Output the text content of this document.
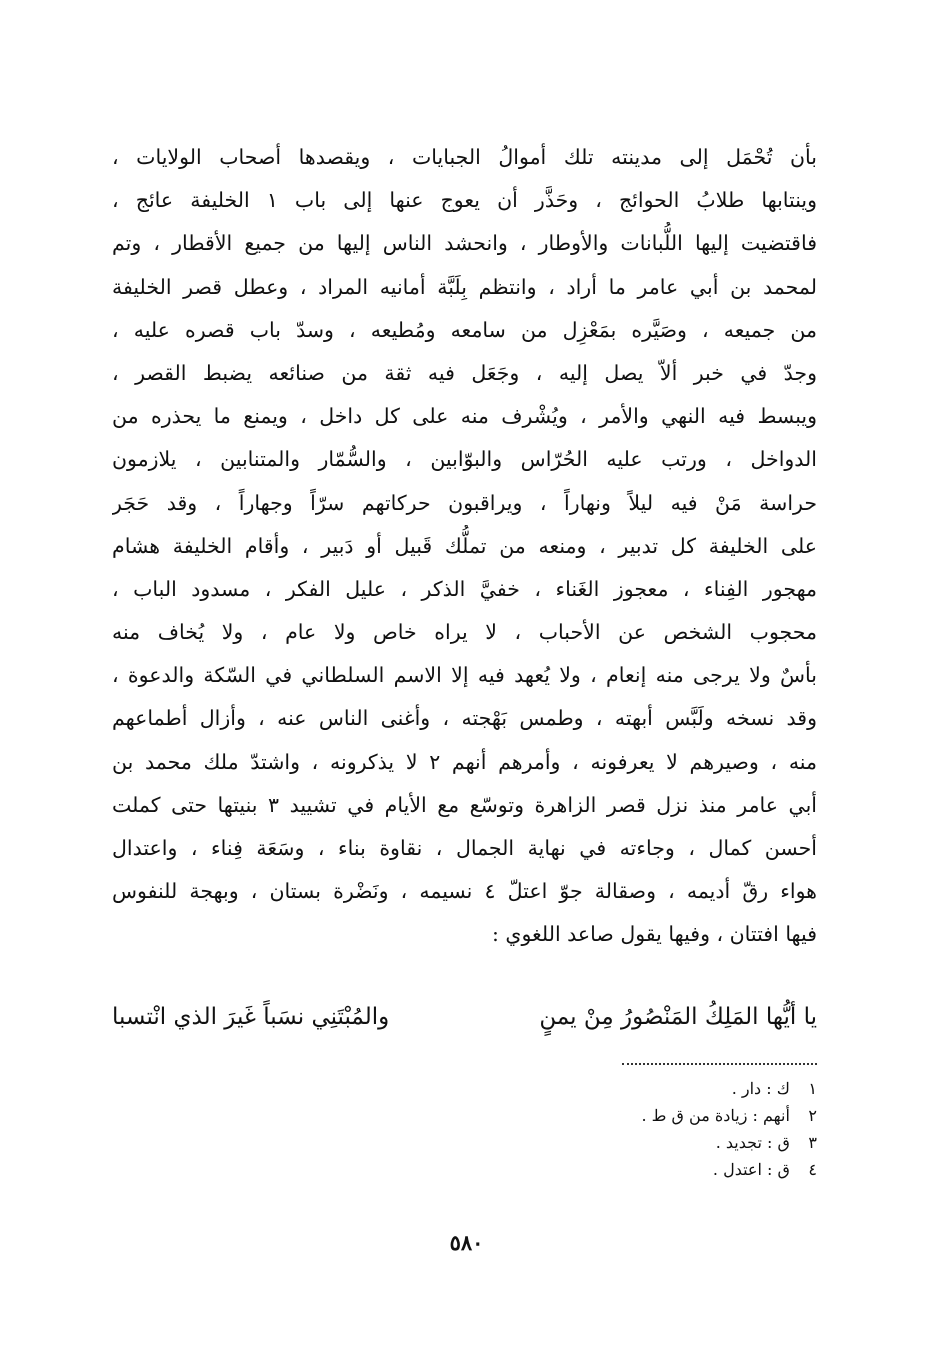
بأن تُحْمَل إلى مدينته تلك أموالُ الجبايات ، ويقصدها أصحاب الولايات ،
وينتابها طلابُ الحوائج ، وحَذَّر أن يعوج عنها إلى باب ١ الخليفة عائج ،
فاقتضيت إليها اللُّبانات والأوطار ، وانحشد الناس إليها من جميع الأقطار ، وتم
لمحمد بن أبي عامر ما أراد ، وانتظم بِلَبَّة أمانيه المراد ، وعطل قصر الخليفة
من جميعه ، وصَيَّره بمَعْزِل من سامعه ومُطيعه ، وسدّ باب قصره عليه ،
وجدّ في خبر ألاّ يصل إليه ، وجَعَل فيه ثقة من صنائعه يضبط القصر ،
ويبسط فيه النهي والأمر ، ويُشْرف منه على كل داخل ، ويمنع ما يحذره من
الدواخل ، ورتب عليه الحُرّاس والبوّابين ، والسُّمّار والمتنابين ، يلازمون
حراسة مَنْ فيه ليلاً ونهاراً ، ويراقبون حركاتهم سرّاً وجهاراً ، وقد حَجَر
على الخليفة كل تدبير ، ومنعه من تملُّك قَبيل أو دَبير ، وأقام الخليفة هشام
مهجور الفِناء ، معجوز الغَناء ، خفيَّ الذكر ، عليل الفكر ، مسدود الباب ،
محجوب الشخص عن الأحباب ، لا يراه خاص ولا عام ، ولا يُخاف منه
بأسٌ ولا يرجى منه إنعام ، ولا يُعهد فيه إلا الاسم السلطاني في السّكة والدعوة ،
وقد نسخه ولَبَّس أبهته ، وطمس بَهْجته ، وأغنى الناس عنه ، وأزال أطماعهم
منه ، وصيرهم لا يعرفونه ، وأمرهم أنهم ٢ لا يذكرونه ، واشتدّ ملك محمد بن
أبي عامر منذ نزل قصر الزاهرة وتوسّع مع الأيام في تشييد ٣ بنيتها حتى كملت
أحسن كمال ، وجاءته في نهاية الجمال ، نقاوة بناء ، وسَعَة فِناء ، واعتدال
هواء رقّ أديمه ، وصقالة جوّ اعتلّ ٤ نسيمه ، ونَضْرة بستان ، وبهجة للنفوس
فيها افتتان ، وفيها يقول صاعد اللغوي :
يا أيُّها المَلِكُ المَنْصُورُ مِنْ يمنٍ
والمُبْتَنِي نسَباً غَيرَ الذي انْتسبا
١ ك : دار .
٢ أنهم : زيادة من ق ط .
٣ ق : تجديد .
٤ ق : اعتدل .
٥٨٠
